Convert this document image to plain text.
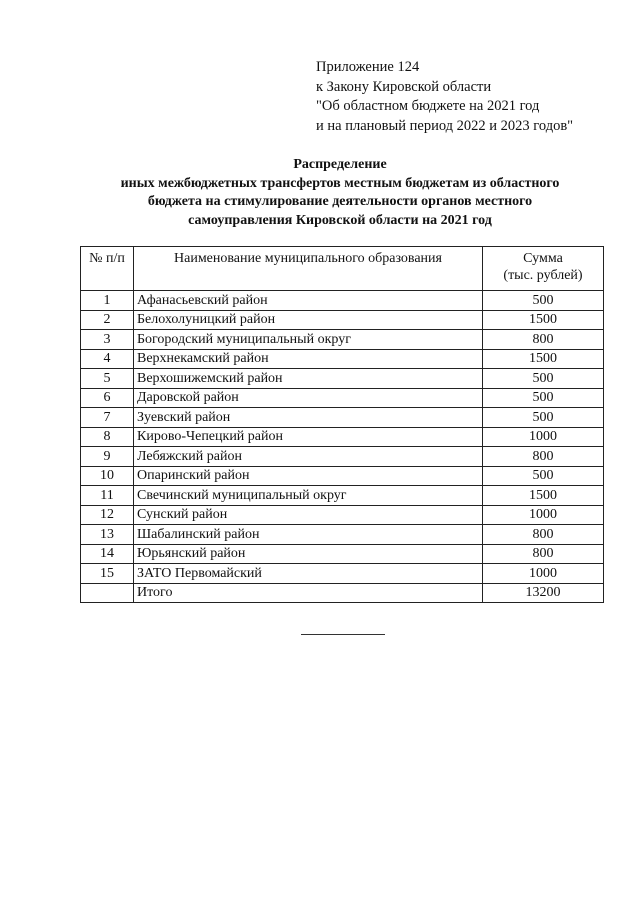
Приложение 124
к Закону Кировской области
"Об областном бюджете на 2021 год
и на плановый период 2022 и 2023 годов"
Распределение
иных межбюджетных трансфертов местным бюджетам из областного
бюджета на стимулирование деятельности органов местного
самоуправления Кировской области на 2021 год
№ п/п	Наименование муниципального образования	Сумма
(тыс. рублей)

1	Афанасьевский район	500
2	Белохолуницкий район	1500
3	Богородский муниципальный округ	800
4	Верхнекамский район	1500
5	Верхошижемский район	500
6	Даровской район	500
7	Зуевский район	500
8	Кирово-Чепецкий район	1000
9	Лебяжский район	800
10	Опаринский район	500
11	Свечинский муниципальный округ	1500
12	Сунский район	1000
13	Шабалинский район	800
14	Юрьянский район	800
15	ЗАТО Первомайский	1000
	Итого	13200
